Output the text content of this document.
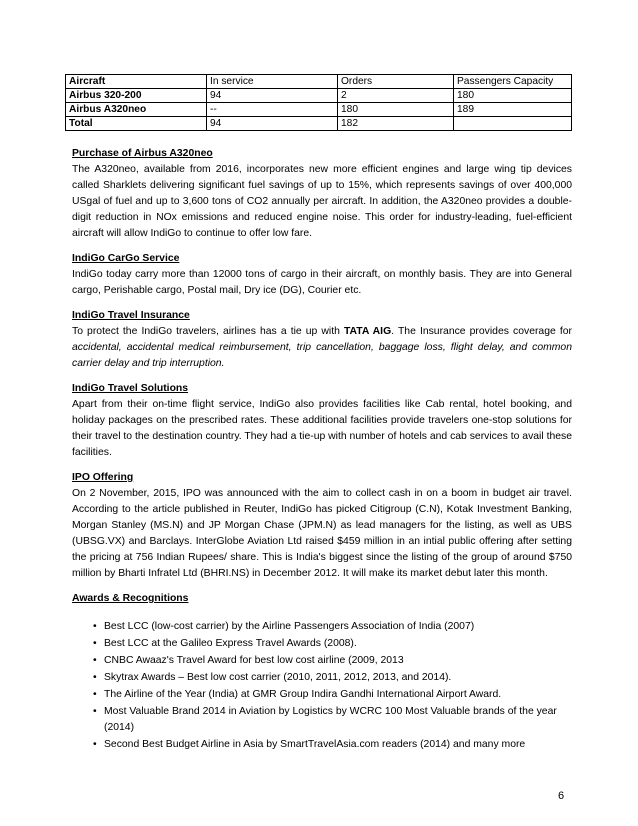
Aircraft	In service	Orders	Passengers Capacity
Airbus 320-200	94	2	180
Airbus A320neo	--	180	189
Total	94	182	
Purchase of Airbus A320neo
The A320neo, available from 2016, incorporates new more efficient engines and large wing tip devices called Sharklets delivering significant fuel savings of up to 15%, which represents savings of over 400,000 USgal of fuel and up to 3,600 tons of CO2 annually per aircraft. In addition, the A320neo provides a double-digit reduction in NOx emissions and reduced engine noise. This order for industry-leading, fuel-efficient aircraft will allow IndiGo to continue to offer low fare.
IndiGo CarGo Service
IndiGo today carry more than 12000 tons of cargo in their aircraft, on monthly basis. They are into General cargo, Perishable cargo, Postal mail, Dry ice (DG), Courier etc.
IndiGo Travel Insurance
To protect the IndiGo travelers, airlines has a tie up with TATA AIG. The Insurance provides coverage for accidental, accidental medical reimbursement, trip cancellation, baggage loss, flight delay, and common carrier delay and trip interruption.
IndiGo Travel Solutions
Apart from their on-time flight service, IndiGo also provides facilities like Cab rental, hotel booking, and holiday packages on the prescribed rates. These additional facilities provide travelers one-stop solutions for their travel to the destination country. They had a tie-up with number of hotels and cab services to avail these facilities.
IPO Offering
On 2 November, 2015, IPO was announced with the aim to collect cash in on a boom in budget air travel. According to the article published in Reuter, IndiGo has picked Citigroup (C.N), Kotak Investment Banking, Morgan Stanley (MS.N) and JP Morgan Chase (JPM.N) as lead managers for the listing, as well as UBS (UBSG.VX) and Barclays. InterGlobe Aviation Ltd raised $459 million in an intial public offering after setting the pricing at 756 Indian Rupees/ share. This is India's biggest since the listing of the group of around $750 million by Bharti Infratel Ltd (BHRI.NS) in December 2012. It will make its market debut later this month.
Awards & Recognitions
• Best LCC (low-cost carrier) by the Airline Passengers Association of India (2007)
• Best LCC at the Galileo Express Travel Awards (2008).
• CNBC Awaaz's Travel Award for best low cost airline (2009, 2013
• Skytrax Awards – Best low cost carrier (2010, 2011, 2012, 2013, and 2014).
• The Airline of the Year (India) at GMR Group Indira Gandhi International Airport Award.
• Most Valuable Brand 2014 in Aviation by Logistics by WCRC 100 Most Valuable brands of the year (2014)
• Second Best Budget Airline in Asia by SmartTravelAsia.com readers (2014) and many more
6
